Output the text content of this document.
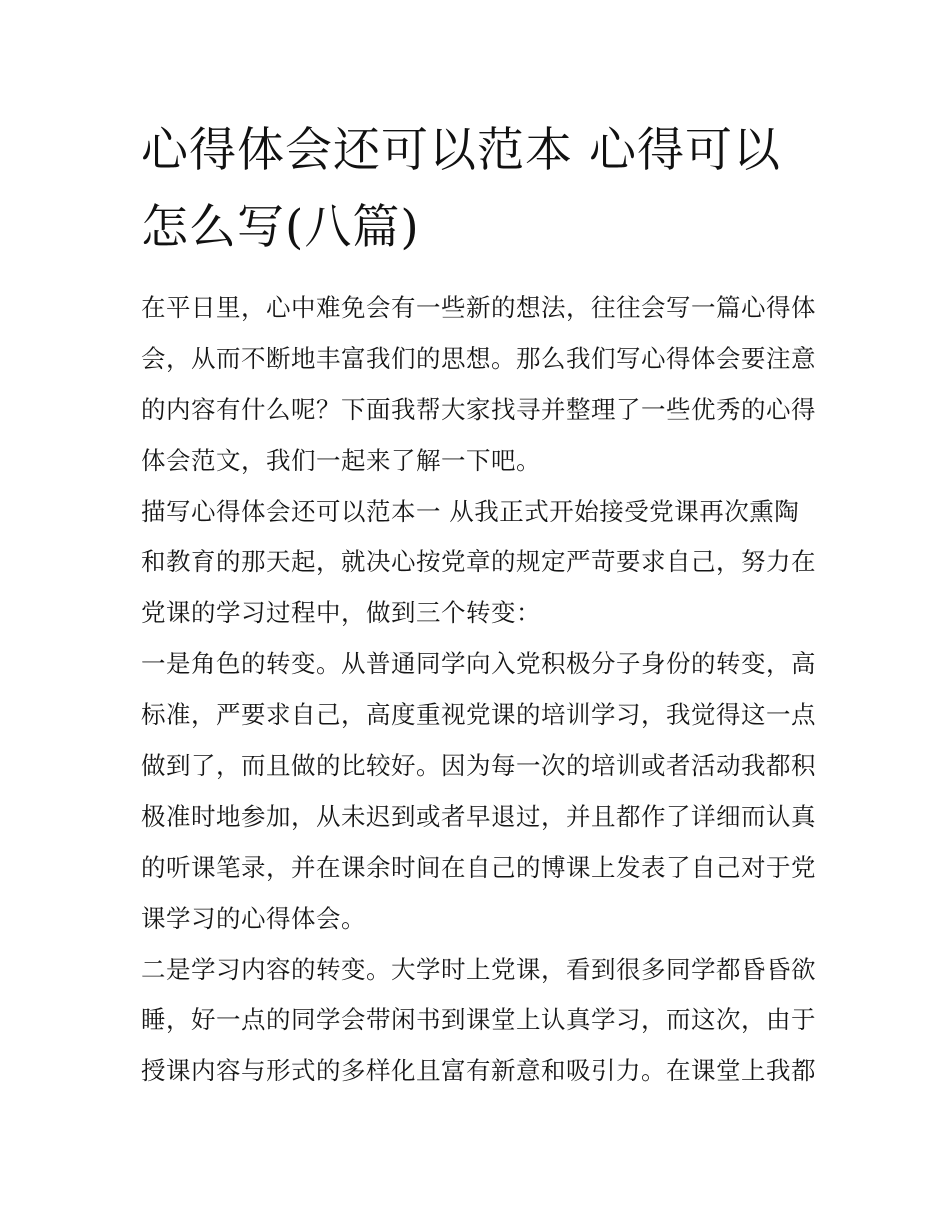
心得体会还可以范本 心得可以
怎么写(八篇)
在平日里，心中难免会有一些新的想法，往往会写一篇心得体
会，从而不断地丰富我们的思想。那么我们写心得体会要注意
的内容有什么呢？下面我帮大家找寻并整理了一些优秀的心得
体会范文，我们一起来了解一下吧。
描写心得体会还可以范本一 从我正式开始接受党课再次熏陶
和教育的那天起，就决心按党章的规定严苛要求自己，努力在
党课的学习过程中，做到三个转变：
一是角色的转变。从普通同学向入党积极分子身份的转变，高
标准，严要求自己，高度重视党课的培训学习，我觉得这一点
做到了，而且做的比较好。因为每一次的培训或者活动我都积
极准时地参加，从未迟到或者早退过，并且都作了详细而认真
的听课笔录，并在课余时间在自己的博课上发表了自己对于党
课学习的心得体会。
二是学习内容的转变。大学时上党课，看到很多同学都昏昏欲
睡，好一点的同学会带闲书到课堂上认真学习，而这次，由于
授课内容与形式的多样化且富有新意和吸引力。在课堂上我都
